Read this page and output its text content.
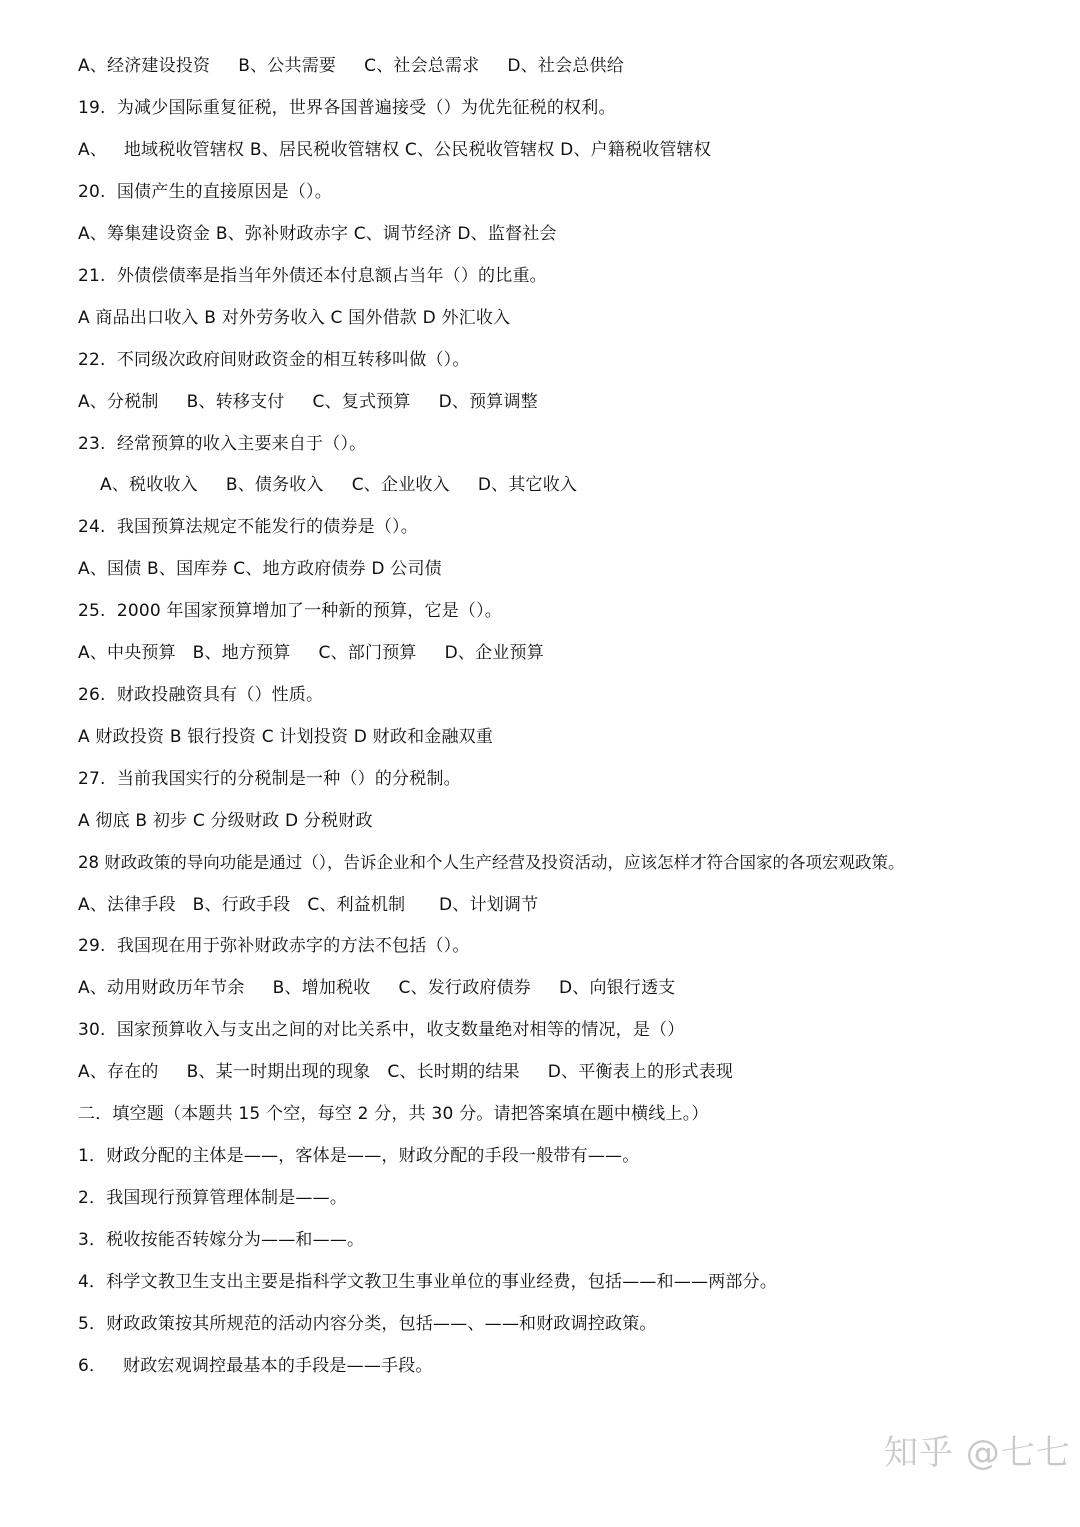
A、经济建设投资     B、公共需要     C、社会总需求     D、社会总供给
19.  为减少国际重复征税，世界各国普遍接受（）为优先征税的权利。
A、   地域税收管辖权 B、居民税收管辖权 C、公民税收管辖权 D、户籍税收管辖权
20.  国债产生的直接原因是（）。
A、筹集建设资金 B、弥补财政赤字 C、调节经济 D、监督社会
21.  外债偿债率是指当年外债还本付息额占当年（）的比重。
A 商品出口收入 B 对外劳务收入 C 国外借款 D 外汇收入
22.  不同级次政府间财政资金的相互转移叫做（）。
A、分税制     B、转移支付     C、复式预算     D、预算调整
23.  经常预算的收入主要来自于（）。
A、税收收入     B、债务收入     C、企业收入     D、其它收入
24.  我国预算法规定不能发行的债券是（）。
A、国债 B、国库券 C、地方政府债券 D 公司债
25.  2000 年国家预算增加了一种新的预算，它是（）。
A、中央预算   B、地方预算     C、部门预算     D、企业预算
26.  财政投融资具有（）性质。
A 财政投资 B 银行投资 C 计划投资 D 财政和金融双重
27.  当前我国实行的分税制是一种（）的分税制。
A 彻底 B 初步 C 分级财政 D 分税财政
28 财政政策的导向功能是通过（），告诉企业和个人生产经营及投资活动，应该怎样才符合国家的各项宏观政策。
A、法律手段   B、行政手段   C、利益机制      D、计划调节
29.  我国现在用于弥补财政赤字的方法不包括（）。
A、动用财政历年节余     B、增加税收     C、发行政府债券     D、向银行透支
30.  国家预算收入与支出之间的对比关系中，收支数量绝对相等的情况，是（）
A、存在的     B、某一时期出现的现象   C、长时期的结果     D、平衡表上的形式表现
二．填空题（本题共 15 个空，每空 2 分，共 30 分。请把答案填在题中横线上。）
1．财政分配的主体是——，客体是——，财政分配的手段一般带有——。
2．我国现行预算管理体制是——。
3．税收按能否转嫁分为——和——。
4．科学文教卫生支出主要是指科学文教卫生事业单位的事业经费，包括——和——两部分。
5．财政政策按其所规范的活动内容分类，包括——、——和财政调控政策。
6．   财政宏观调控最基本的手段是——手段。
知乎 @七七
